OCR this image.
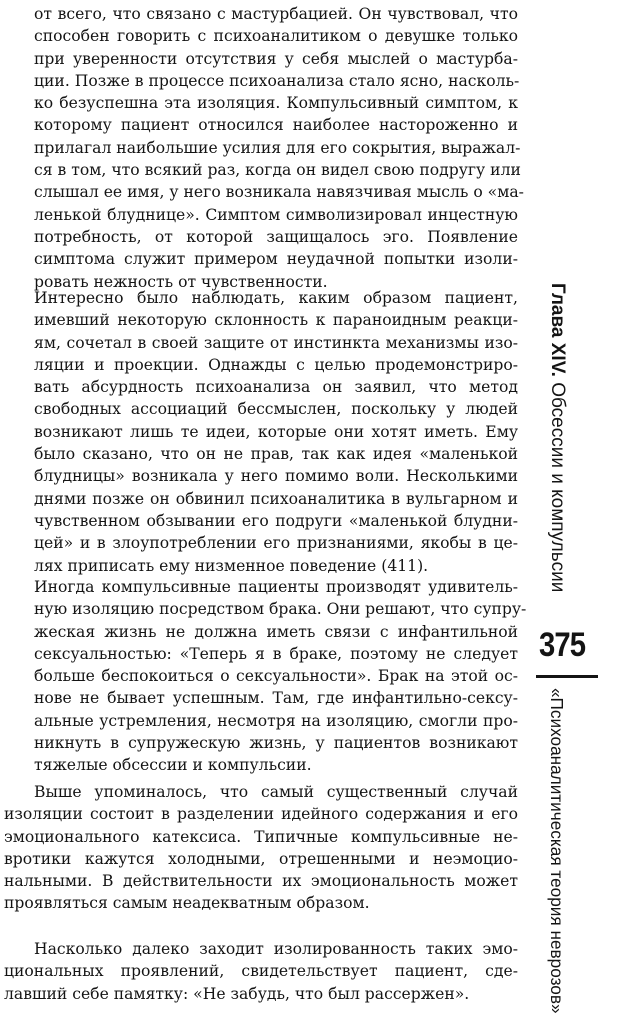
от всего, что связано с мастурбацией. Он чувствовал, что
способен говорить с психоаналитиком о девушке только
при уверенности отсутствия у себя мыслей о мастурба-
ции. Позже в процессе психоанализа стало ясно, насколь-
ко безуспешна эта изоляция. Компульсивный симптом, к
которому пациент относился наиболее настороженно и
прилагал наибольшие усилия для его сокрытия, выражал-
ся в том, что всякий раз, когда он видел свою подругу или
слышал ее имя, у него возникала навязчивая мысль о «ма-
ленькой блуднице». Симптом символизировал инцестную
потребность, от которой защищалось эго. Появление
симптома служит примером неудачной попытки изоли-
ровать нежность от чувственности.
Интересно было наблюдать, каким образом пациент,
имевший некоторую склонность к параноидным реакци-
ям, сочетал в своей защите от инстинкта механизмы изо-
ляции и проекции. Однажды с целью продемонстриро-
вать абсурдность психоанализа он заявил, что метод
свободных ассоциаций бессмыслен, поскольку у людей
возникают лишь те идеи, которые они хотят иметь. Ему
было сказано, что он не прав, так как идея «маленькой
блудницы» возникала у него помимо воли. Несколькими
днями позже он обвинил психоаналитика в вульгарном и
чувственном обзывании его подруги «маленькой блудни-
цей» и в злоупотреблении его признаниями, якобы в це-
лях приписать ему низменное поведение (411).
Иногда компульсивные пациенты производят удивитель-
ную изоляцию посредством брака. Они решают, что супру-
жеская жизнь не должна иметь связи с инфантильной
сексуальностью: «Теперь я в браке, поэтому не следует
больше беспокоиться о сексуальности». Брак на этой ос-
нове не бывает успешным. Там, где инфантильно-сексу-
альные устремления, несмотря на изоляцию, смогли про-
никнуть в супружескую жизнь, у пациентов возникают
тяжелые обсессии и компульсии.
Выше упоминалось, что самый существенный случай
изоляции состоит в разделении идейного содержания и его
эмоционального катексиса. Типичные компульсивные не-
вротики кажутся холодными, отрешенными и неэмоцио-
нальными. В действительности их эмоциональность может
проявляться самым неадекватным образом.
Насколько далеко заходит изолированность таких эмо-
циональных проявлений, свидетельствует пациент, сде-
лавший себе памятку: «Не забудь, что был рассержен».
Глава XIV. Обсессии и компульсии
375
«Психоаналитическая теория неврозов»
